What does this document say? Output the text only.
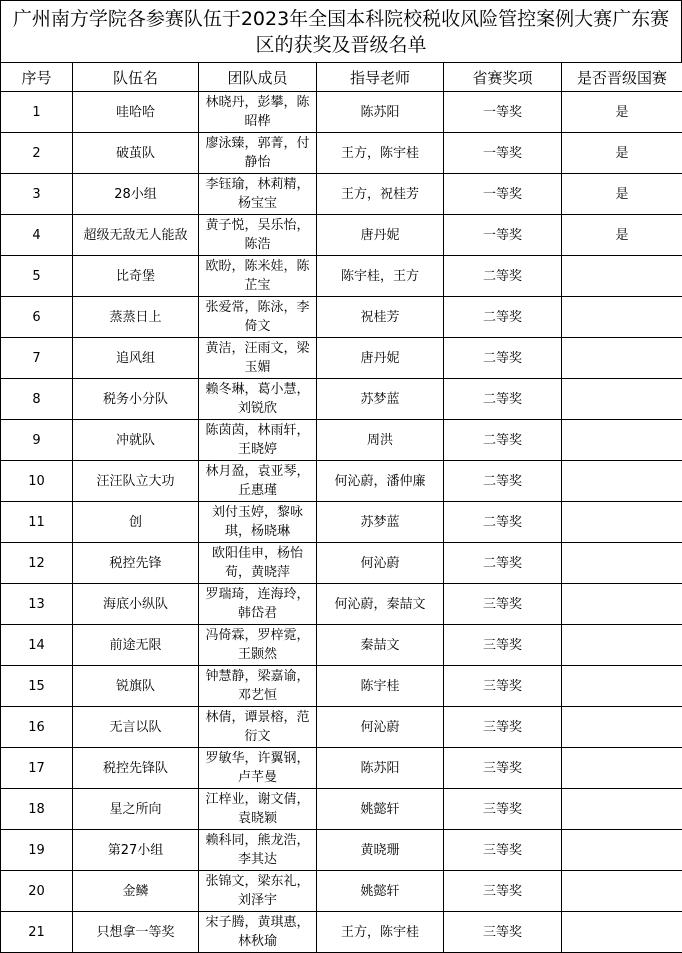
广州南方学院各参赛队伍于2023年全国本科院校税收风险管控案例大赛广东赛区的获奖及晋级名单
序号	队伍名	团队成员	指导老师	省赛奖项	是否晋级国赛
1	哇哈哈	林晓丹，彭攀，陈昭桦	陈苏阳	一等奖	是
2	破茧队	廖泳臻，郭菁，付静怡	王方，陈宇桂	一等奖	是
3	28小组	李钰瑜，林莉精，杨宝宝	王方，祝桂芳	一等奖	是
4	超级无敌无人能敌	黄子悦，吴乐怡，陈浩	唐丹妮	一等奖	是
5	比奇堡	欧盼，陈米娃，陈芷宝	陈宇桂，王方	二等奖	
6	蒸蒸日上	张爱常，陈泳，李倚文	祝桂芳	二等奖	
7	追风组	黄洁，汪雨文，梁玉媚	唐丹妮	二等奖	
8	税务小分队	赖冬琳，葛小慧，刘锐欣	苏梦蓝	二等奖	
9	冲就队	陈茵茵，林雨轩，王晓婷	周洪	二等奖	
10	汪汪队立大功	林月盈，袁亚琴，丘惠瑾	何沁蔚，潘仲廉	二等奖	
11	创	刘付玉婷，黎咏琪，杨晓琳	苏梦蓝	二等奖	
12	税控先锋	欧阳佳申，杨怡荀，黄晓萍	何沁蔚	二等奖	
13	海底小纵队	罗瑞琦，连海玲，韩岱君	何沁蔚，秦喆文	三等奖	
14	前途无限	冯倚霖，罗梓霓，王颢然	秦喆文	三等奖	
15	锐旗队	钟慧静，梁嘉谕，邓艺恒	陈宇桂	三等奖	
16	无言以队	林倩，谭景榕，范衍文	何沁蔚	三等奖	
17	税控先锋队	罗敏华，许翼钢，卢芊曼	陈苏阳	三等奖	
18	星之所向	江梓业，谢文倩，袁晓颖	姚懿轩	三等奖	
19	第27小组	赖科同，熊龙浩，李其达	黄晓珊	三等奖	
20	金鳞	张锦文，梁东礼，刘泽宇	姚懿轩	三等奖	
21	只想拿一等奖	宋子腾，黄琪惠，林秋瑜	王方，陈宇桂	三等奖	
